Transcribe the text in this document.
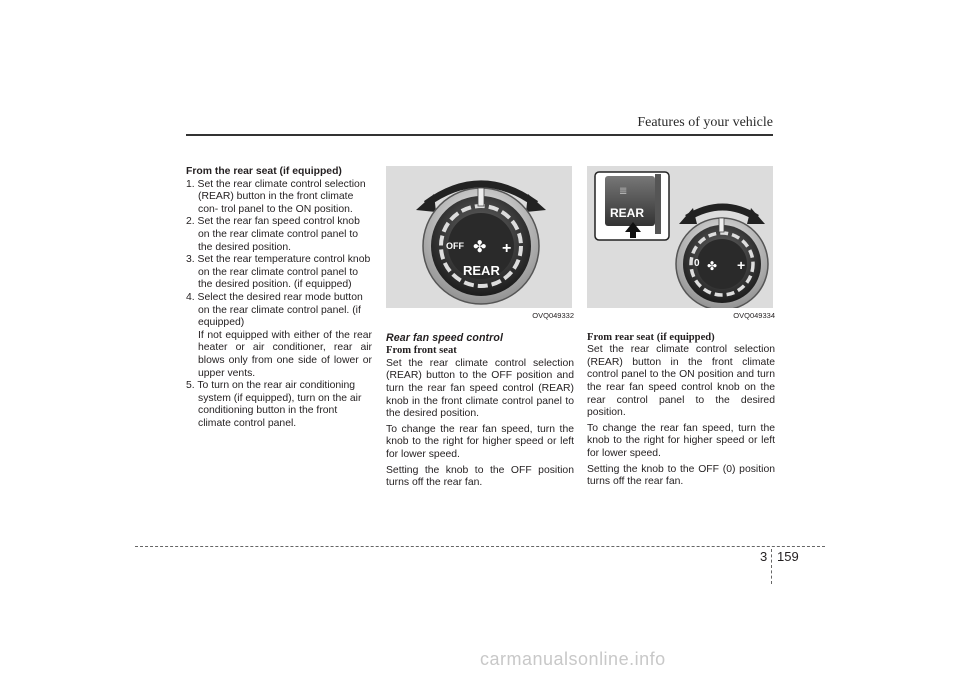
Features of your vehicle
From the rear seat (if equipped)
1. Set the rear climate control selection (REAR) button in the front climate con- trol panel to the ON position.
2. Set the rear fan speed control knob on the rear climate control panel to the desired position.
3. Set the rear temperature control knob on the rear climate control panel to the desired position. (if equipped)
4. Select the desired rear mode button on the rear climate control panel. (if equipped)

If not equipped with either of the rear heater or air conditioner, rear air blows only from one side of lower or upper vents.

5. To turn on the rear air conditioning system (if equipped), turn on the air conditioning button in the front climate control panel.
OFF ✤ +
REAR
OVQ049332
Rear fan speed control
From front seat

Set the rear climate control selection (REAR) button to the OFF position and turn the rear fan speed control (REAR) knob in the front climate control panel to the desired position.

To change the rear fan speed, turn the knob to the right for higher speed or left for lower speed.

Setting the knob to the OFF position turns off the rear fan.

≣
REAR
0 ✤ +
OVQ049334
From rear seat (if equipped)

Set the rear climate control selection (REAR) button in the front climate control panel to the ON position and turn the rear fan speed control knob on the rear control panel to the desired position.

To change the rear fan speed, turn the knob to the right for higher speed or left for lower speed.

Setting the knob to the OFF (0) position turns off the rear fan.

3 159
carmanualsonline.info
